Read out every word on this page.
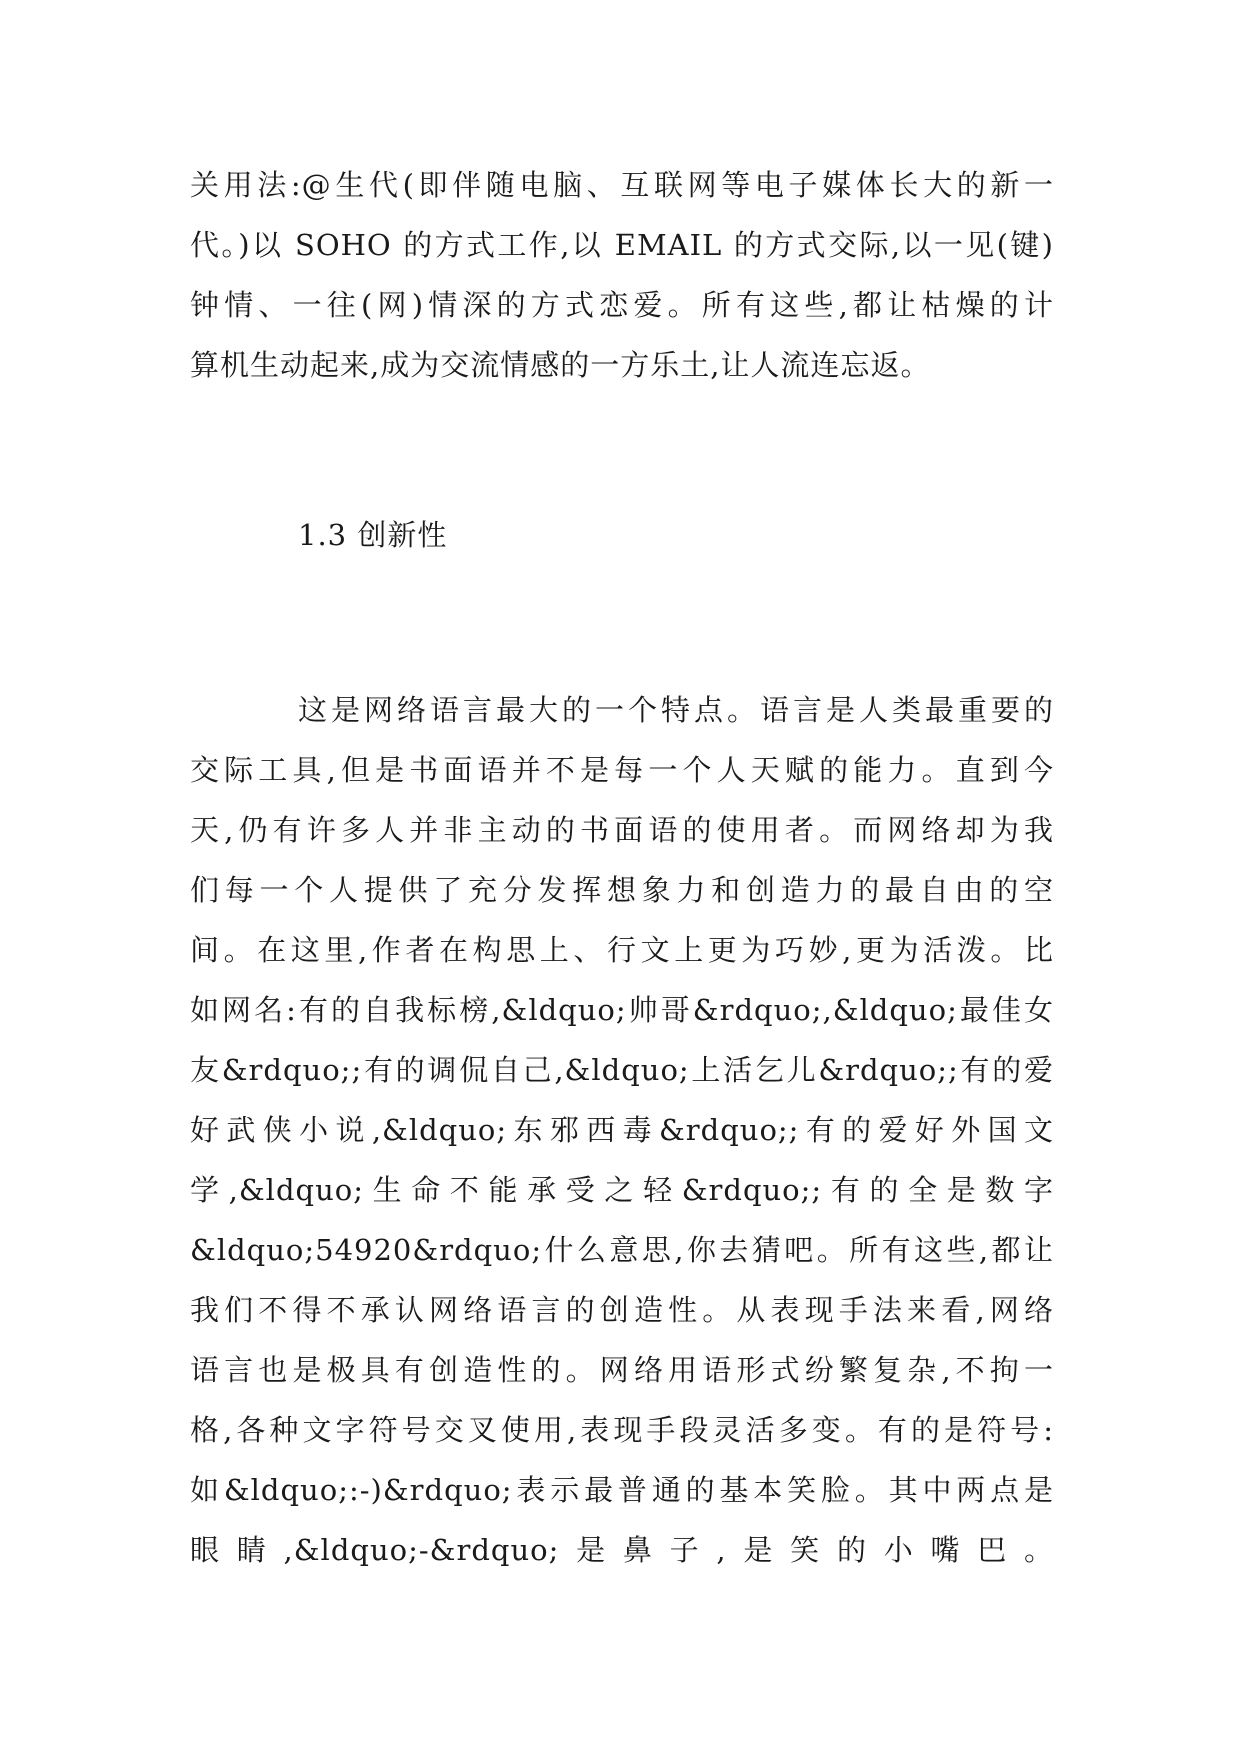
关用法:@生代(即伴随电脑、互联网等电子媒体长大的新一
代。)以 SOHO 的方式工作,以 EMAIL 的方式交际,以一见(键)
钟情、一往(网)情深的方式恋爱。所有这些,都让枯燥的计
算机生动起来,成为交流情感的一方乐土,让人流连忘返。
1.3 创新性
这是网络语言最大的一个特点。语言是人类最重要的
交际工具,但是书面语并不是每一个人天赋的能力。直到今
天,仍有许多人并非主动的书面语的使用者。而网络却为我
们每一个人提供了充分发挥想象力和创造力的最自由的空
间。在这里,作者在构思上、行文上更为巧妙,更为活泼。比
如网名:有的自我标榜,&ldquo;帅哥&rdquo;,&ldquo;最佳女
友&rdquo;;有的调侃自己,&ldquo;上活乞儿&rdquo;;有的爱
好武侠小说,&ldquo;东邪西毒&rdquo;;有的爱好外国文
学,&ldquo;生命不能承受之轻&rdquo;;有的全是数字
&ldquo;54920&rdquo;什么意思,你去猜吧。所有这些,都让
我们不得不承认网络语言的创造性。从表现手法来看,网络
语言也是极具有创造性的。网络用语形式纷繁复杂,不拘一
格,各种文字符号交叉使用,表现手段灵活多变。有的是符号:
如&ldquo;:-)&rdquo;表示最普通的基本笑脸。其中两点是
眼睛,&ldquo;-&rdquo;是鼻子,是笑的小嘴巴。
